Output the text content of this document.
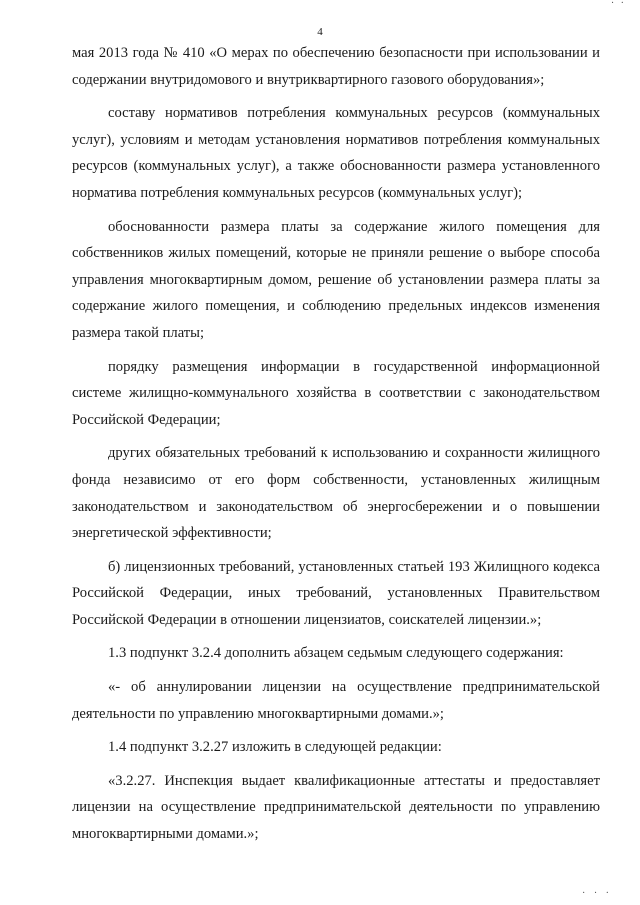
· ·
4

мая 2013 года № 410 «О мерах по обеспечению безопасности при использовании и содержании внутридомового и внутриквартирного газового оборудования»;

составу нормативов потребления коммунальных ресурсов (коммунальных услуг), условиям и методам установления нормативов потребления коммунальных ресурсов (коммунальных услуг), а также обоснованности размера установленного норматива потребления коммунальных ресурсов (коммунальных услуг);

обоснованности размера платы за содержание жилого помещения для собственников жилых помещений, которые не приняли решение о выборе способа управления многоквартирным домом, решение об установлении размера платы за содержание жилого помещения, и соблюдению предельных индексов изменения размера такой платы;

порядку размещения информации в государственной информационной системе жилищно-коммунального хозяйства в соответствии с законодательством Российской Федерации;

других обязательных требований к использованию и сохранности жилищного фонда независимо от его форм собственности, установленных жилищным законодательством и законодательством об энергосбережении и о повышении энергетической эффективности;

б) лицензионных требований, установленных статьей 193 Жилищного кодекса Российской Федерации, иных требований, установленных Правительством Российской Федерации в отношении лицензиатов, соискателей лицензии.»;

1.3 подпункт 3.2.4 дополнить абзацем седьмым следующего содержания:

«- об аннулировании лицензии на осуществление предпринимательской деятельности по управлению многоквартирными домами.»;

1.4 подпункт 3.2.27 изложить в следующей редакции:

«3.2.27. Инспекция выдает квалификационные аттестаты и предоставляет лицензии на осуществление предпринимательской деятельности по управлению многоквартирными домами.»;

· · ·
